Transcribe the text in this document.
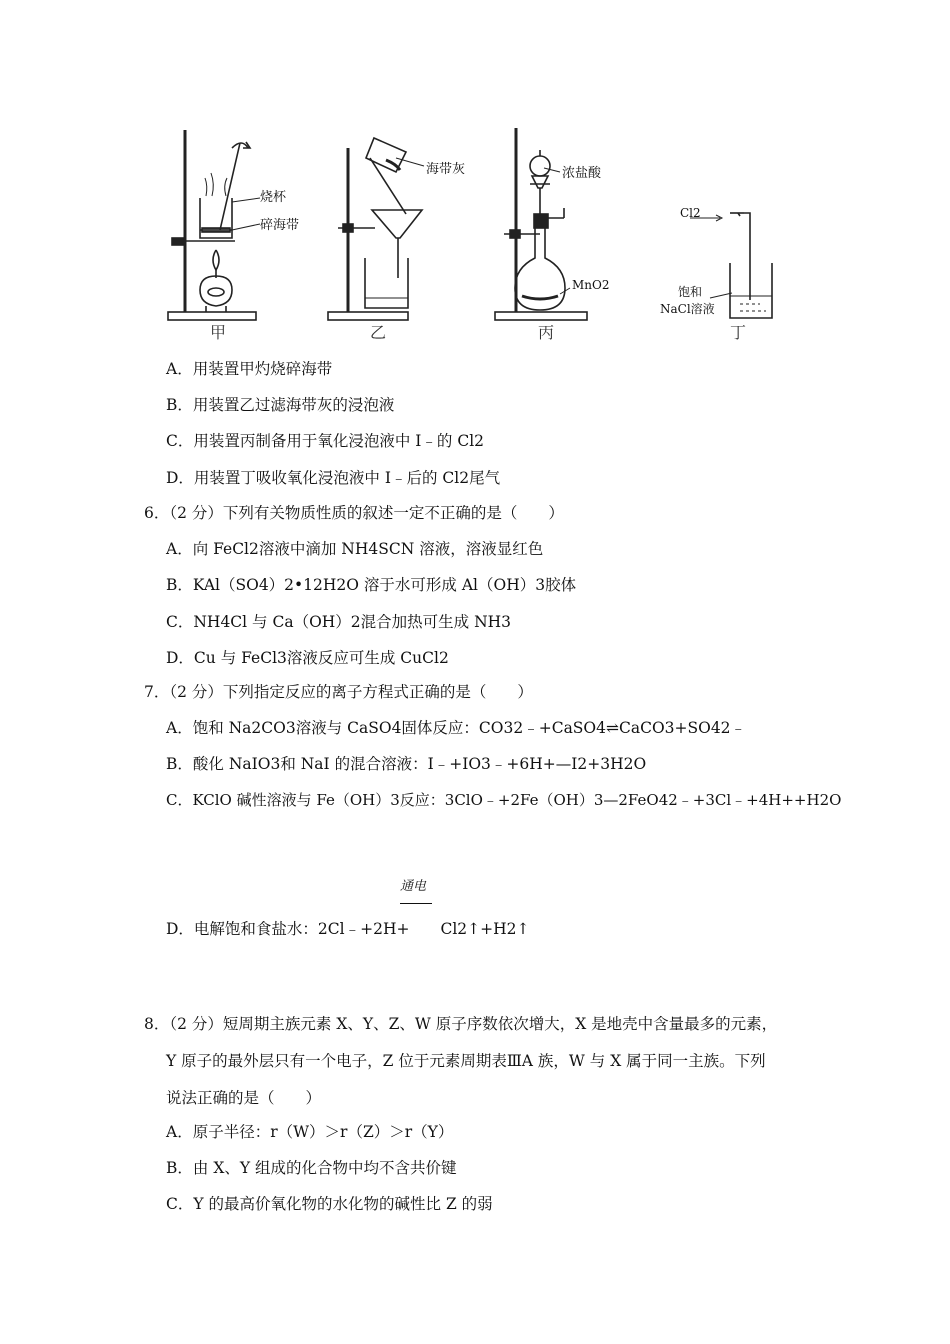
烧杯
碎海带
海带灰	浓盐酸
MnO2
Cl2
饱和
NaCl溶液
甲	乙	丙	丁
A．用装置甲灼烧碎海带
B．用装置乙过滤海带灰的浸泡液
C．用装置丙制备用于氧化浸泡液中 I﹣的 Cl2
D．用装置丁吸收氧化浸泡液中 I﹣后的 Cl2尾气
6．（2 分）下列有关物质性质的叙述一定不正确的是（　　）
A．向 FeCl2溶液中滴加 NH4SCN 溶液，溶液显红色
B．KAl（SO4）2•12H2O 溶于水可形成 Al（OH）3胶体
C．NH4Cl 与 Ca（OH）2混合加热可生成 NH3
D．Cu 与 FeCl3溶液反应可生成 CuCl2
7．（2 分）下列指定反应的离子方程式正确的是（　　）
A．饱和 Na2CO3溶液与 CaSO4固体反应：CO32﹣+CaSO4⇌CaCO3+SO42﹣
B．酸化 NaIO3和 NaI 的混合溶液：I﹣+IO3﹣+6H+—I2+3H2O
C．KClO 碱性溶液与 Fe（OH）3反应：3ClO﹣+2Fe（OH）3—2FeO42﹣+3Cl﹣+4H++H2O
通电
D．电解饱和食盐水：2Cl﹣+2H+　　Cl2↑+H2↑
8．（2 分）短周期主族元素 X、Y、Z、W 原子序数依次增大，X 是地壳中含量最多的元素，
Y 原子的最外层只有一个电子，Z 位于元素周期表ⅢA 族，W 与 X 属于同一主族。下列
说法正确的是（　　）
A．原子半径：r（W）＞r（Z）＞r（Y）
B．由 X、Y 组成的化合物中均不含共价键
C．Y 的最高价氧化物的水化物的碱性比 Z 的弱
